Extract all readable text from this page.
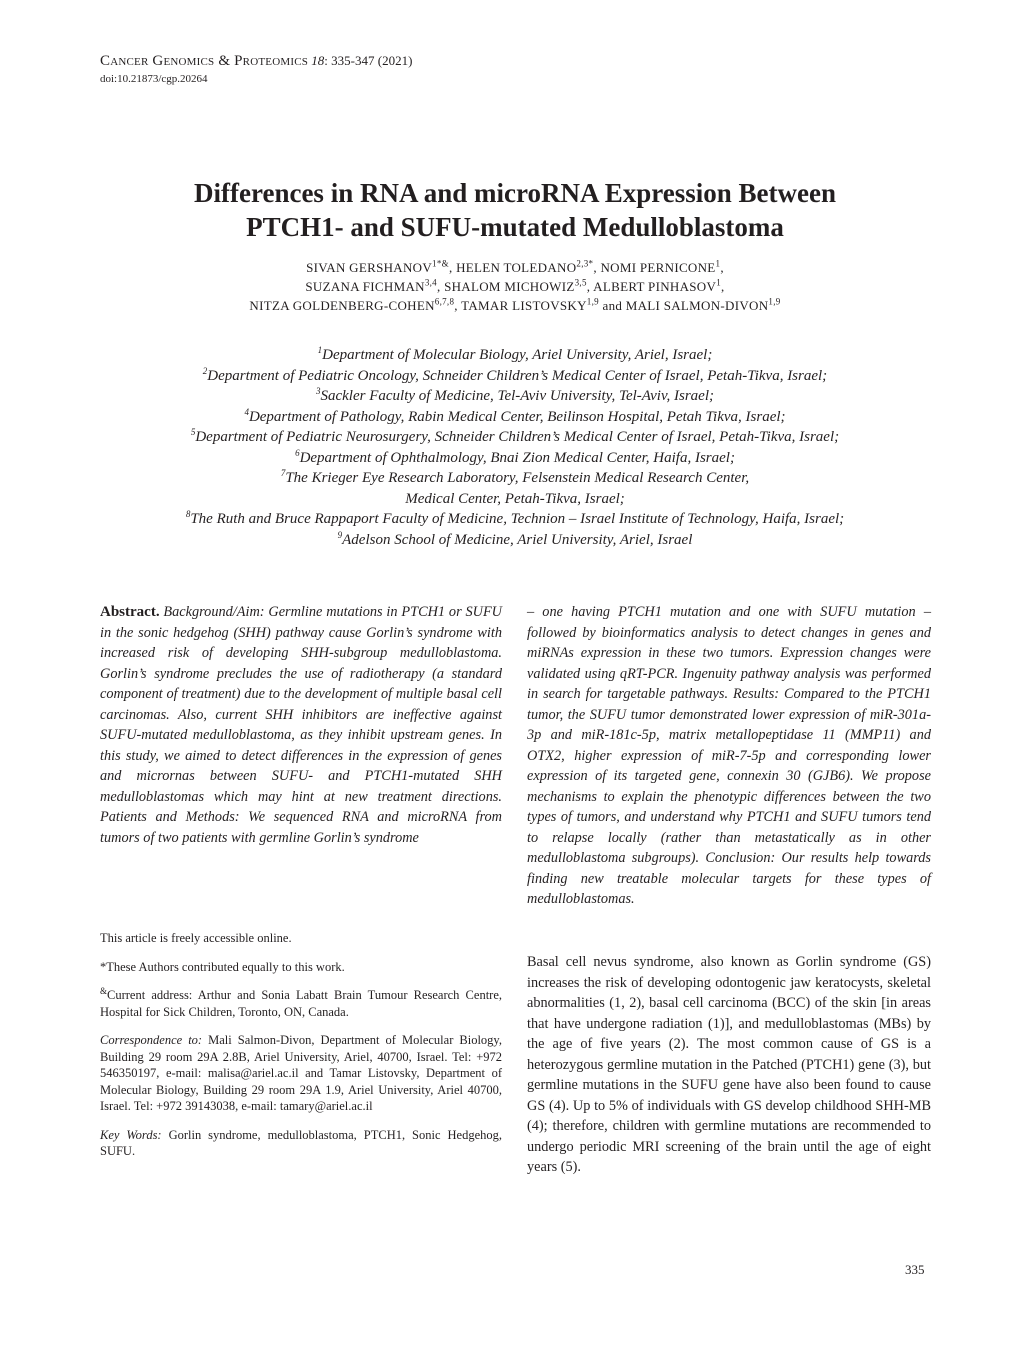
Cancer Genomics & Proteomics 18: 335-347 (2021)
doi:10.21873/cgp.20264
Differences in RNA and microRNA Expression Between
PTCH1- and SUFU-mutated Medulloblastoma
SIVAN $GERSHANOV^{1*\&}$, HELEN $TOLEDANO^{2,3*}$, NOMI PERNICONE$^1$,
SUZANA FICHMAN$^{3,4}$, SHALOM MICHOWIZ$^{3,5}$, ALBERT PINHASOV$^1$,
NITZA GOLDENBERG-COHEN$^{6,7,8}$, TAMAR LISTOVSKY$^{1,9}$ and MALI SALMON-DIVON$^{1,9}$
$^1$Department of Molecular Biology, Ariel University, Ariel, Israel;
$^2$Department of Pediatric Oncology, Schneider Children’s Medical Center of Israel, Petah-Tikva, Israel;
$^3$Sackler Faculty of Medicine, Tel-Aviv University, Tel-Aviv, Israel;
$^4$Department of Pathology, Rabin Medical Center, Beilinson Hospital, Petah Tikva, Israel;
$^5$Department of Pediatric Neurosurgery, Schneider Children’s Medical Center of Israel, Petah-Tikva, Israel;
$^6$Department of Ophthalmology, Bnai Zion Medical Center, Haifa, Israel;
$^7$The Krieger Eye Research Laboratory, Felsenstein Medical Research Center,
Medical Center, Petah-Tikva, Israel;
$^8$The Ruth and Bruce Rappaport Faculty of Medicine, Technion – Israel Institute of Technology, Haifa, Israel;
$^9$Adelson School of Medicine, Ariel University, Ariel, Israel

Abstract. Background/Aim: Germline mutations in PTCH1 or SUFU in the sonic hedgehog (SHH) pathway cause Gorlin’s syndrome with increased risk of developing SHH-subgroup medulloblastoma. Gorlin’s syndrome precludes the use of radiotherapy (a standard component of treatment) due to the development of multiple basal cell carcinomas. Also, current SHH inhibitors are ineffective against SUFU-mutated medulloblastoma, as they inhibit upstream genes. In this study, we aimed to detect differences in the expression of genes and micrornas between SUFU- and PTCH1-mutated SHH medulloblastomas which may hint at new treatment directions. Patients and Methods: We sequenced RNA and microRNA from tumors of two patients with germline Gorlin’s syndrome

– one having PTCH1 mutation and one with SUFU mutation – followed by bioinformatics analysis to detect changes in genes and miRNAs expression in these two tumors. Expression changes were validated using qRT-PCR. Ingenuity pathway analysis was performed in search for targetable pathways. Results: Compared to the PTCH1 tumor, the SUFU tumor demonstrated lower expression of miR-301a-3p and miR-181c-5p, matrix metallopeptidase 11 (MMP11) and OTX2, higher expression of miR-7-5p and corresponding lower expression of its targeted gene, connexin 30 (GJB6). We propose mechanisms to explain the phenotypic differences between the two types of tumors, and understand why PTCH1 and SUFU tumors tend to relapse locally (rather than metastatically as in other medulloblastoma subgroups). Conclusion: Our results help towards finding new treatable molecular targets for these types of medulloblastomas.

This article is freely accessible online.

*These Authors contributed equally to this work.

&Current address: Arthur and Sonia Labatt Brain Tumour Research Centre, Hospital for Sick Children, Toronto, ON, Canada.

Correspondence to: Mali Salmon-Divon, Department of Molecular Biology, Building 29 room 29A 2.8B, Ariel University, Ariel, 40700, Israel. Tel: +972 546350197, e-mail: malisa@ariel.ac.il and Tamar Listovsky, Department of Molecular Biology, Building 29 room 29A 1.9, Ariel University, Ariel 40700, Israel. Tel: +972 39143038, e-mail: tamary@ariel.ac.il

Key Words: Gorlin syndrome, medulloblastoma, PTCH1, Sonic Hedgehog, SUFU.

Basal cell nevus syndrome, also known as Gorlin syndrome (GS) increases the risk of developing odontogenic jaw keratocysts, skeletal abnormalities (1, 2), basal cell carcinoma (BCC) of the skin [in areas that have undergone radiation (1)], and medulloblastomas (MBs) by the age of five years (2). The most common cause of GS is a heterozygous germline mutation in the Patched (PTCH1) gene (3), but germline mutations in the SUFU gene have also been found to cause GS (4). Up to 5% of individuals with GS develop childhood SHH-MB (4); therefore, children with germline mutations are recommended to undergo periodic MRI screening of the brain until the age of eight years (5).

335
